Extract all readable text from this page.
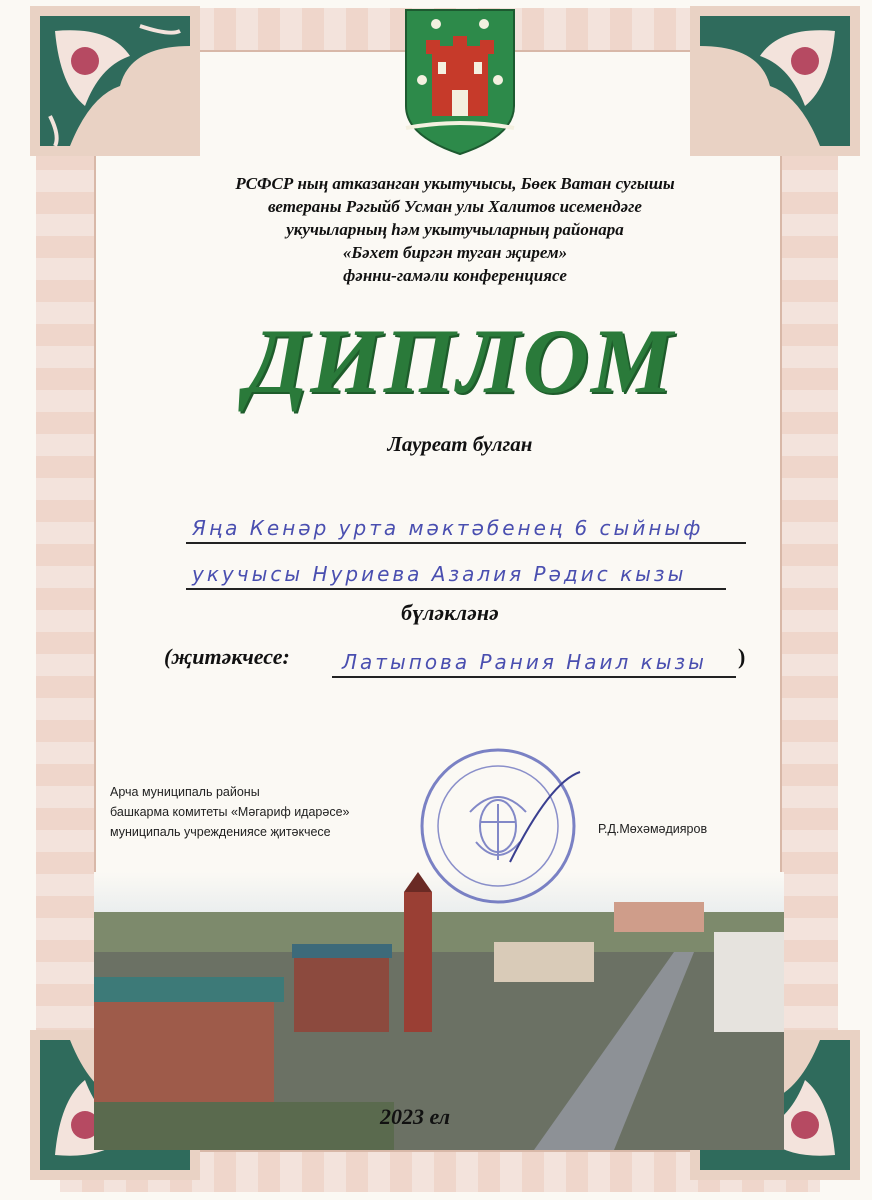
РСФСР ның атказанган укытучысы, Бөек Ватан сугышы
ветераны Рәгыйб Усман улы Халитов исемендәге
укучыларның һәм укытучыларның районара
«Бәхет биргән туган җирем»
фәнни-гамәли конференциясе
ДИПЛОМ
Лауреат булган
Яңа Кенәр урта мәктәбенең 6 сыйныф
укучысы Нуриева Азалия Рәдис кызы
бүләкләнә
(җитәкчесе:	Латыпова Рания Наил кызы )
Арча муниципаль районы
башкарма комитеты «Мәгариф идарәсе»
муниципаль учреждениясе җитәкчесе	Р.Д.Мөхәмәдияров
2023 ел
